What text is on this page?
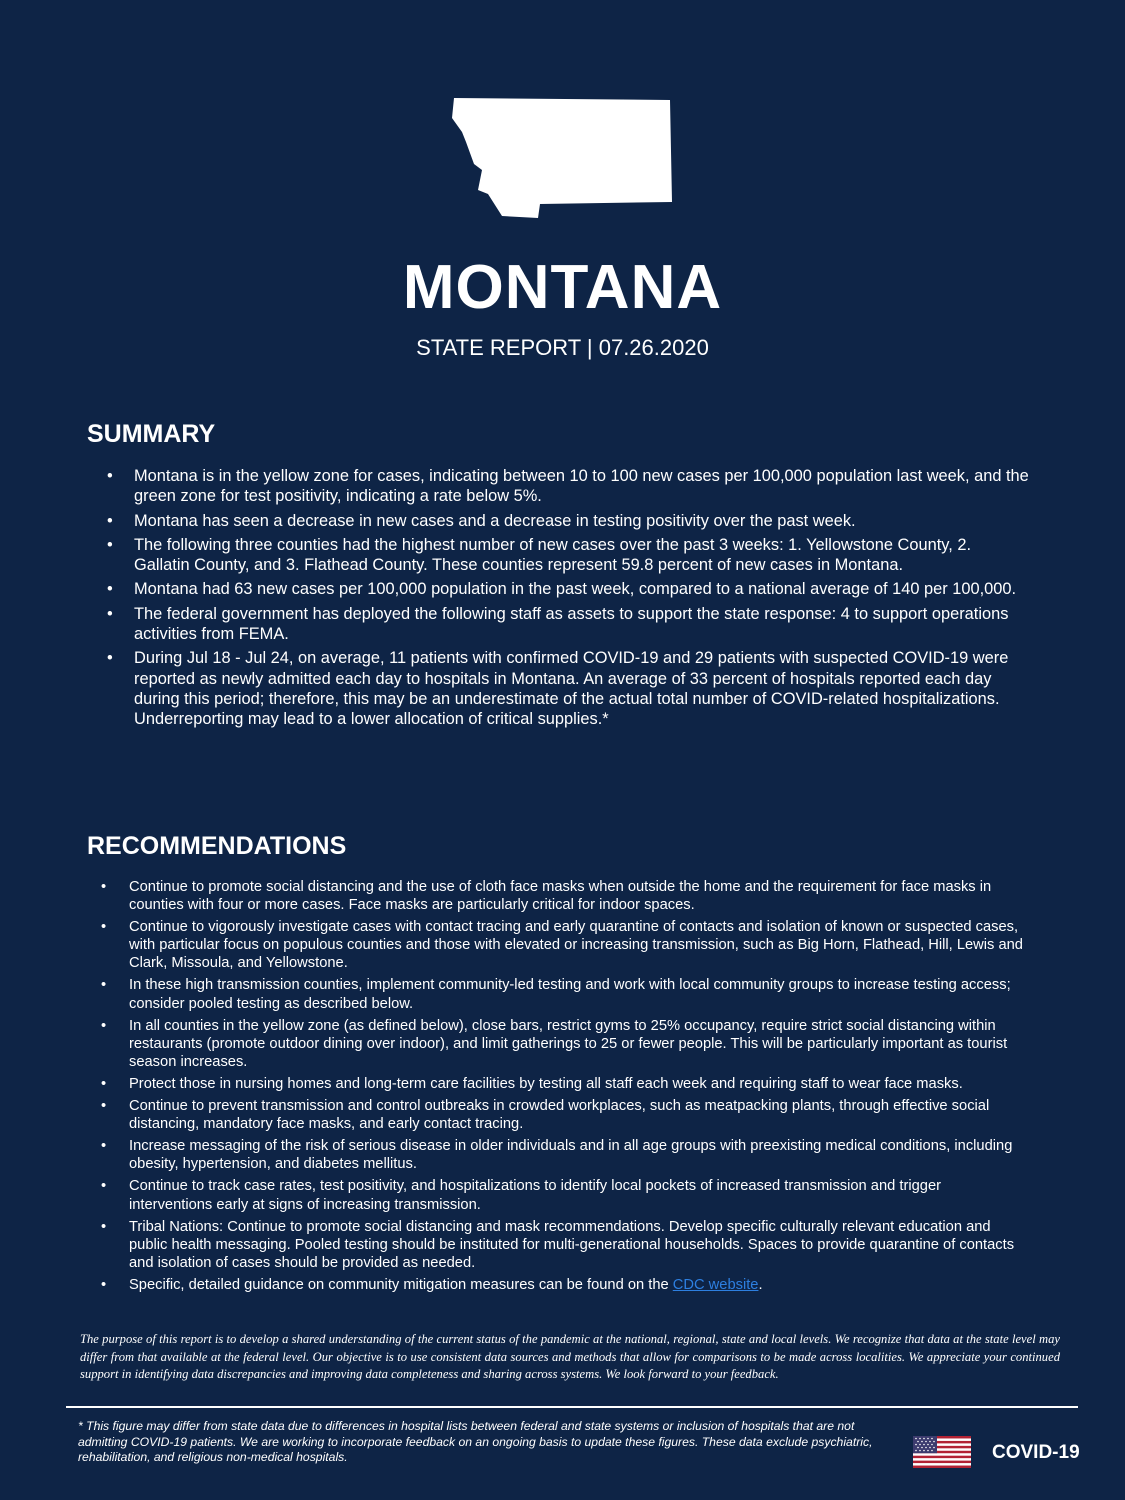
MONTANA
STATE REPORT | 07.26.2020
SUMMARY
• Montana is in the yellow zone for cases, indicating between 10 to 100 new cases per 100,000 population last week, and the green zone for test positivity, indicating a rate below 5%.
• Montana has seen a decrease in new cases and a decrease in testing positivity over the past week.
• The following three counties had the highest number of new cases over the past 3 weeks: 1. Yellowstone County, 2. Gallatin County, and 3. Flathead County. These counties represent 59.8 percent of new cases in Montana.
• Montana had 63 new cases per 100,000 population in the past week, compared to a national average of 140 per 100,000.
• The federal government has deployed the following staff as assets to support the state response: 4 to support operations activities from FEMA.
• During Jul 18 - Jul 24, on average, 11 patients with confirmed COVID-19 and 29 patients with suspected COVID-19 were reported as newly admitted each day to hospitals in Montana. An average of 33 percent of hospitals reported each day during this period; therefore, this may be an underestimate of the actual total number of COVID-related hospitalizations. Underreporting may lead to a lower allocation of critical supplies.*
RECOMMENDATIONS
• Continue to promote social distancing and the use of cloth face masks when outside the home and the requirement for face masks in counties with four or more cases. Face masks are particularly critical for indoor spaces.
• Continue to vigorously investigate cases with contact tracing and early quarantine of contacts and isolation of known or suspected cases, with particular focus on populous counties and those with elevated or increasing transmission, such as Big Horn, Flathead, Hill, Lewis and Clark, Missoula, and Yellowstone.
• In these high transmission counties, implement community-led testing and work with local community groups to increase testing access; consider pooled testing as described below.
• In all counties in the yellow zone (as defined below), close bars, restrict gyms to 25% occupancy, require strict social distancing within restaurants (promote outdoor dining over indoor), and limit gatherings to 25 or fewer people. This will be particularly important as tourist season increases.
• Protect those in nursing homes and long-term care facilities by testing all staff each week and requiring staff to wear face masks.
• Continue to prevent transmission and control outbreaks in crowded workplaces, such as meatpacking plants, through effective social distancing, mandatory face masks, and early contact tracing.
• Increase messaging of the risk of serious disease in older individuals and in all age groups with preexisting medical conditions, including obesity, hypertension, and diabetes mellitus.
• Continue to track case rates, test positivity, and hospitalizations to identify local pockets of increased transmission and trigger interventions early at signs of increasing transmission.
• Tribal Nations: Continue to promote social distancing and mask recommendations. Develop specific culturally relevant education and public health messaging. Pooled testing should be instituted for multi-generational households. Spaces to provide quarantine of contacts and isolation of cases should be provided as needed.
• Specific, detailed guidance on community mitigation measures can be found on the CDC website.
The purpose of this report is to develop a shared understanding of the current status of the pandemic at the national, regional, state and local levels. We recognize that data at the state level may differ from that available at the federal level. Our objective is to use consistent data sources and methods that allow for comparisons to be made across localities. We appreciate your continued support in identifying data discrepancies and improving data completeness and sharing across systems. We look forward to your feedback.
* This figure may differ from state data due to differences in hospital lists between federal and state systems or inclusion of hospitals that are not admitting COVID-19 patients. We are working to incorporate feedback on an ongoing basis to update these figures. These data exclude psychiatric, rehabilitation, and religious non-medical hospitals.	COVID-19
